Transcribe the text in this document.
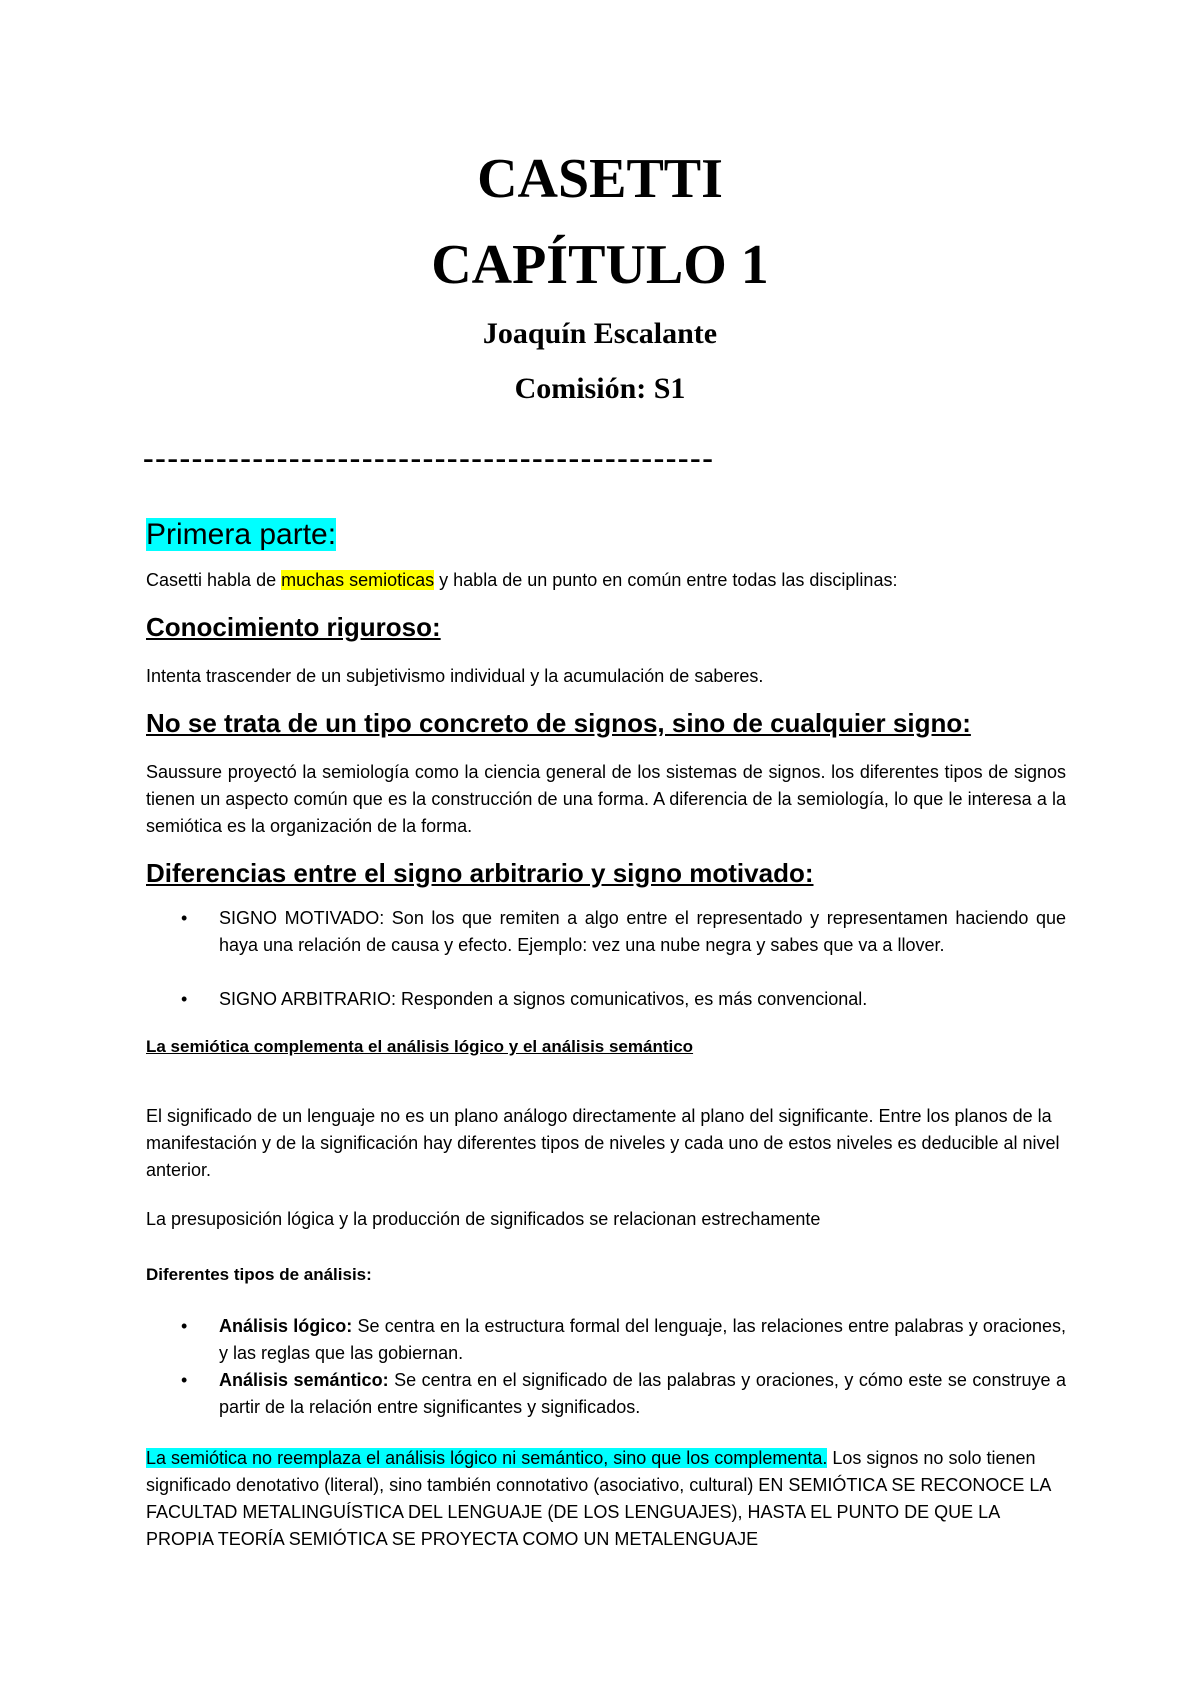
CASETTI
CAPÍTULO 1
Joaquín Escalante
Comisión: S1
-----------------------------------------------
Primera parte:
Casetti habla de muchas semioticas y habla de un punto en común entre todas las disciplinas:
Conocimiento riguroso:
Intenta trascender de un subjetivismo individual y la acumulación de saberes.
No se trata de un tipo concreto de signos, sino de cualquier signo:
Saussure proyectó la semiología como la ciencia general de los sistemas de signos. los diferentes tipos de signos tienen un aspecto común que es la construcción de una forma. A diferencia de la semiología, lo que le interesa a la semiótica es la organización de la forma.
Diferencias entre el signo arbitrario y signo motivado:
• SIGNO MOTIVADO: Son los que remiten a algo entre el representado y representamen haciendo que haya una relación de causa y efecto. Ejemplo: vez una nube negra y sabes que va a llover.
• SIGNO ARBITRARIO: Responden a signos comunicativos, es más convencional.
La semiótica complementa el análisis lógico y el análisis semántico
El significado de un lenguaje no es un plano análogo directamente al plano del significante. Entre los planos de la manifestación y de la significación hay diferentes tipos de niveles y cada uno de estos niveles es deducible al nivel anterior.
La presuposición lógica y la producción de significados se relacionan estrechamente
Diferentes tipos de análisis:
• Análisis lógico: Se centra en la estructura formal del lenguaje, las relaciones entre palabras y oraciones, y las reglas que las gobiernan.
• Análisis semántico: Se centra en el significado de las palabras y oraciones, y cómo este se construye a partir de la relación entre significantes y significados.
La semiótica no reemplaza el análisis lógico ni semántico, sino que los complementa. Los signos no solo tienen significado denotativo (literal), sino también connotativo (asociativo, cultural) EN SEMIÓTICA SE RECONOCE LA FACULTAD METALINGUÍSTICA DEL LENGUAJE (DE LOS LENGUAJES), HASTA EL PUNTO DE QUE LA PROPIA TEORÍA SEMIÓTICA SE PROYECTA COMO UN METALENGUAJE
